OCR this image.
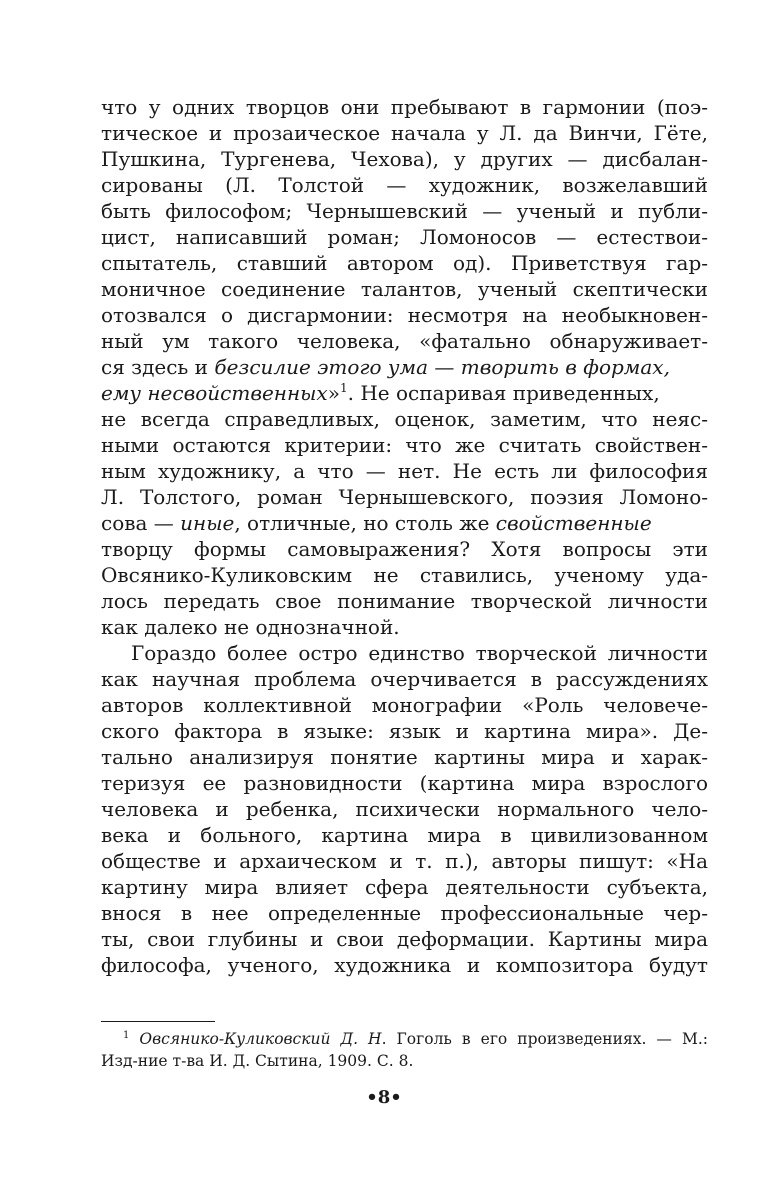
что у одних творцов они пребывают в гармонии (поэ-
тическое и прозаическое начала у Л. да Винчи, Гёте,
Пушкина, Тургенева, Чехова), у других — дисбалан-
сированы (Л. Толстой — художник, возжелавший
быть философом; Чернышевский — ученый и публи-
цист, написавший роман; Ломоносов — естествои-
спытатель, ставший автором од). Приветствуя гар-
моничное соединение талантов, ученый скептически
отозвался о дисгармонии: несмотря на необыкновен-
ный ум такого человека, «фатально обнаруживает-
ся здесь и безсилие этого ума — творить в формах,
ему несвойственных»$^1$. Не оспаривая приведенных,
не всегда справедливых, оценок, заметим, что неяс-
ными остаются критерии: что же считать свойствен-
ным художнику, а что — нет. Не есть ли философия
Л. Толстого, роман Чернышевского, поэзия Ломоно-
сова — иные, отличные, но столь же свойственные
творцу формы самовыражения? Хотя вопросы эти
Овсянико-Куликовским не ставились, ученому уда-
лось передать свое понимание творческой личности
как далеко не однозначной.
Гораздо более остро единство творческой личности
как научная проблема очерчивается в рассуждениях
авторов коллективной монографии «Роль человече-
ского фактора в языке: язык и картина мира». Де-
тально анализируя понятие картины мира и харак-
теризуя ее разновидности (картина мира взрослого
человека и ребенка, психически нормального чело-
века и больного, картина мира в цивилизованном
обществе и архаическом и т. п.), авторы пишут: «На
картину мира влияет сфера деятельности субъекта,
внося в нее определенные профессиональные чер-
ты, свои глубины и свои деформации. Картины мира
философа, ученого, художника и композитора будут
$^1$ Овсянико-Куликовский Д. Н. Гоголь в его произведениях. — М.:
Изд-ние т-ва И. Д. Сытина, 1909. С. 8.
•8•
